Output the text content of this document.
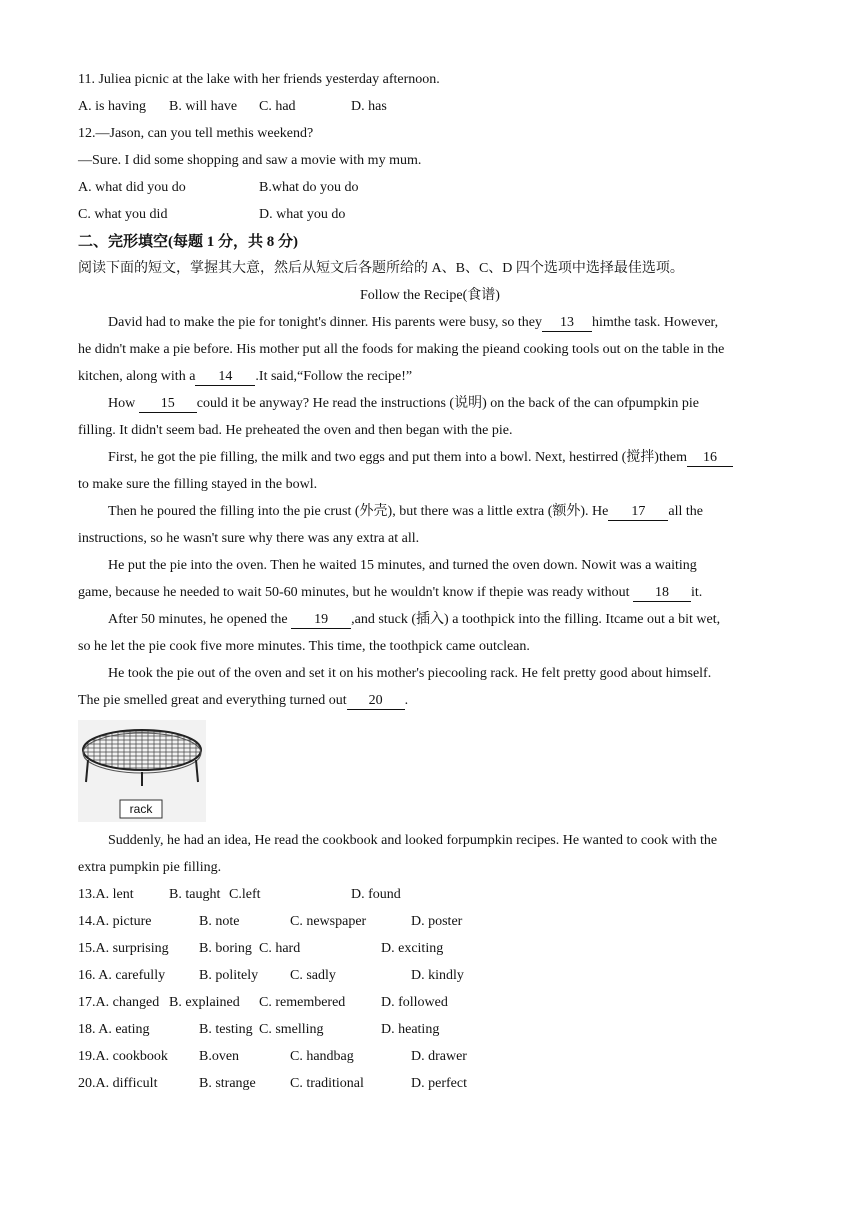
11. Juliea picnic at the lake with her friends yesterday afternoon.
A. is having B. will have C. had	D. has
12.—Jason, can you tell methis weekend?
—Sure. I did some shopping and saw a movie with my mum.
A. what did you do	B.what do you do
C. what you did	D. what you do
二、完形填空(每题 1 分，共 8 分)
阅读下面的短文，掌握其大意，然后从短文后各题所给的 A、B、C、D 四个选项中选择最佳选项。
Follow the Recipe(食谱)
David had to make the pie for tonight's dinner. His parents were busy, so they 13 himthe task. However,
he didn't make a pie before. His mother put all the foods for making the pieand cooking tools out on the table in the
kitchen, along with a 14 .It said,“Follow the recipe!”
How 15 could it be anyway? He read the instructions (说明) on the back of the can ofpumpkin pie
filling. It didn't seem bad. He preheated the oven and then began with the pie.
First, he got the pie filling, the milk and two eggs and put them into a bowl. Next, hestirred (搅拌)them 16
to make sure the filling stayed in the bowl.
Then he poured the filling into the pie crust (外壳), but there was a little extra (额外). He 17 all the
instructions, so he wasn't sure why there was any extra at all.
He put the pie into the oven. Then he waited 15 minutes, and turned the oven down. Nowit was a waiting
game, because he needed to wait 50-60 minutes, but he wouldn't know if thepie was ready without 18 it.
After 50 minutes, he opened the 19 ,and stuck (插入) a toothpick into the filling. Itcame out a bit wet,
so he let the pie cook five more minutes. This time, the toothpick came outclean.
He took the pie out of the oven and set it on his mother's piecooling rack. He felt pretty good about himself.
The pie smelled great and everything turned out 20 .
rack
Suddenly, he had an idea, He read the cookbook and looked forpumpkin recipes. He wanted to cook with the
extra pumpkin pie filling.
13.A. lent	B. taught C.left	D. found
14.A. picture	B. note	C. newspaper	D. poster
15.A. surprising B. boring C. hard	D. exciting
16. A. carefully B. politely C. sadly	D. kindly
17.A. changed B. explained C. remembered	D. followed
18. A. eating	B. testing C. smelling	D. heating
19.A. cookbook B.oven	C. handbag	D. drawer
20.A. difficult	B. strange C. traditional	D. perfect
